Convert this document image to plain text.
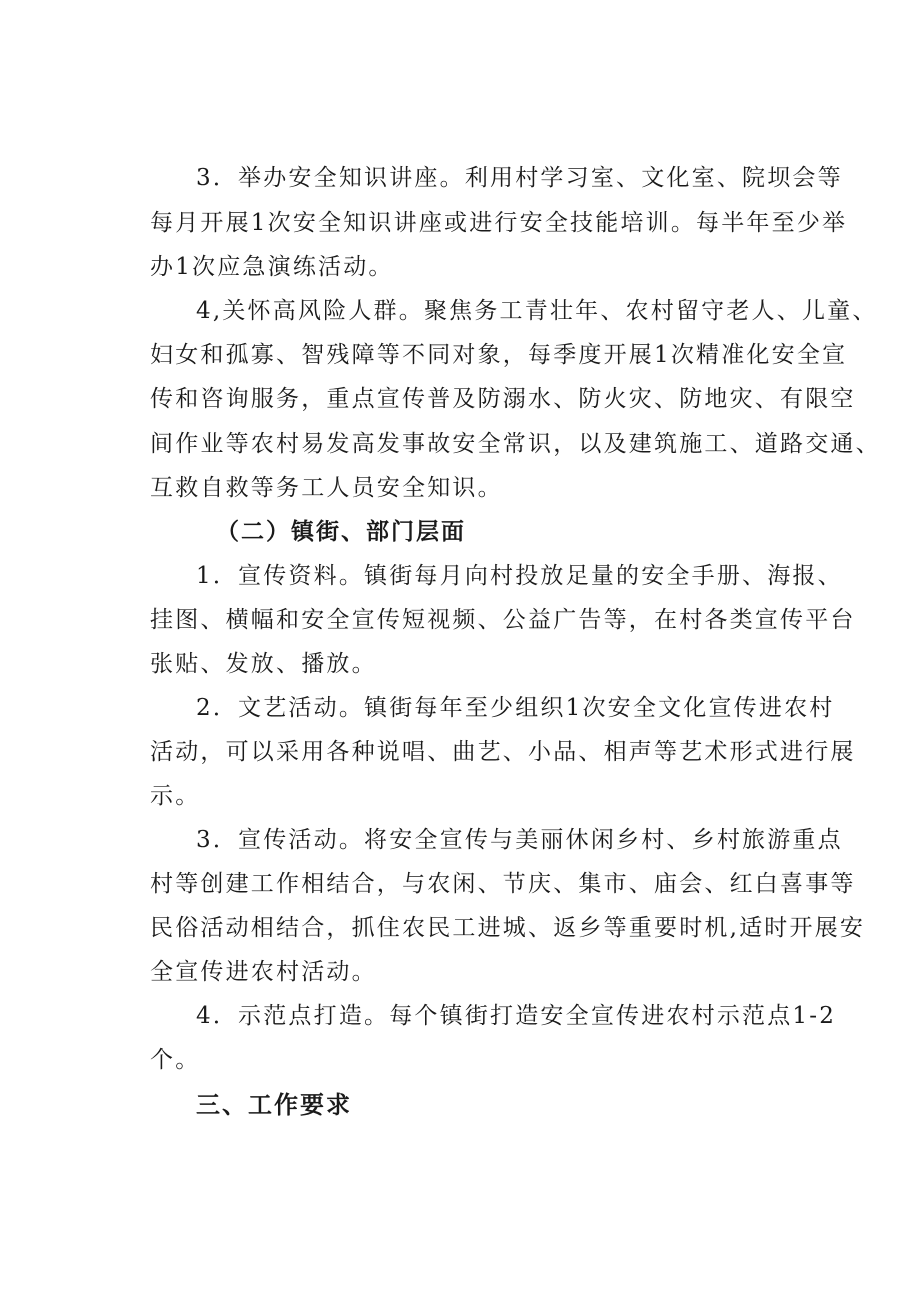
3．举办安全知识讲座。利用村学习室、文化室、院坝会等
每月开展1次安全知识讲座或进行安全技能培训。每半年至少举
办1次应急演练活动。
4,关怀高风险人群。聚焦务工青壮年、农村留守老人、儿童、
妇女和孤寡、智残障等不同对象，每季度开展1次精准化安全宣
传和咨询服务，重点宣传普及防溺水、防火灾、防地灾、有限空
间作业等农村易发高发事故安全常识，以及建筑施工、道路交通、
互救自救等务工人员安全知识。
（二）镇街、部门层面
1．宣传资料。镇街每月向村投放足量的安全手册、海报、
挂图、横幅和安全宣传短视频、公益广告等，在村各类宣传平台
张贴、发放、播放。
2．文艺活动。镇街每年至少组织1次安全文化宣传进农村
活动，可以采用各种说唱、曲艺、小品、相声等艺术形式进行展
示。
3．宣传活动。将安全宣传与美丽休闲乡村、乡村旅游重点
村等创建工作相结合，与农闲、节庆、集市、庙会、红白喜事等
民俗活动相结合，抓住农民工进城、返乡等重要时机,适时开展安
全宣传进农村活动。
4．示范点打造。每个镇街打造安全宣传进农村示范点1-2
个。
三、工作要求
